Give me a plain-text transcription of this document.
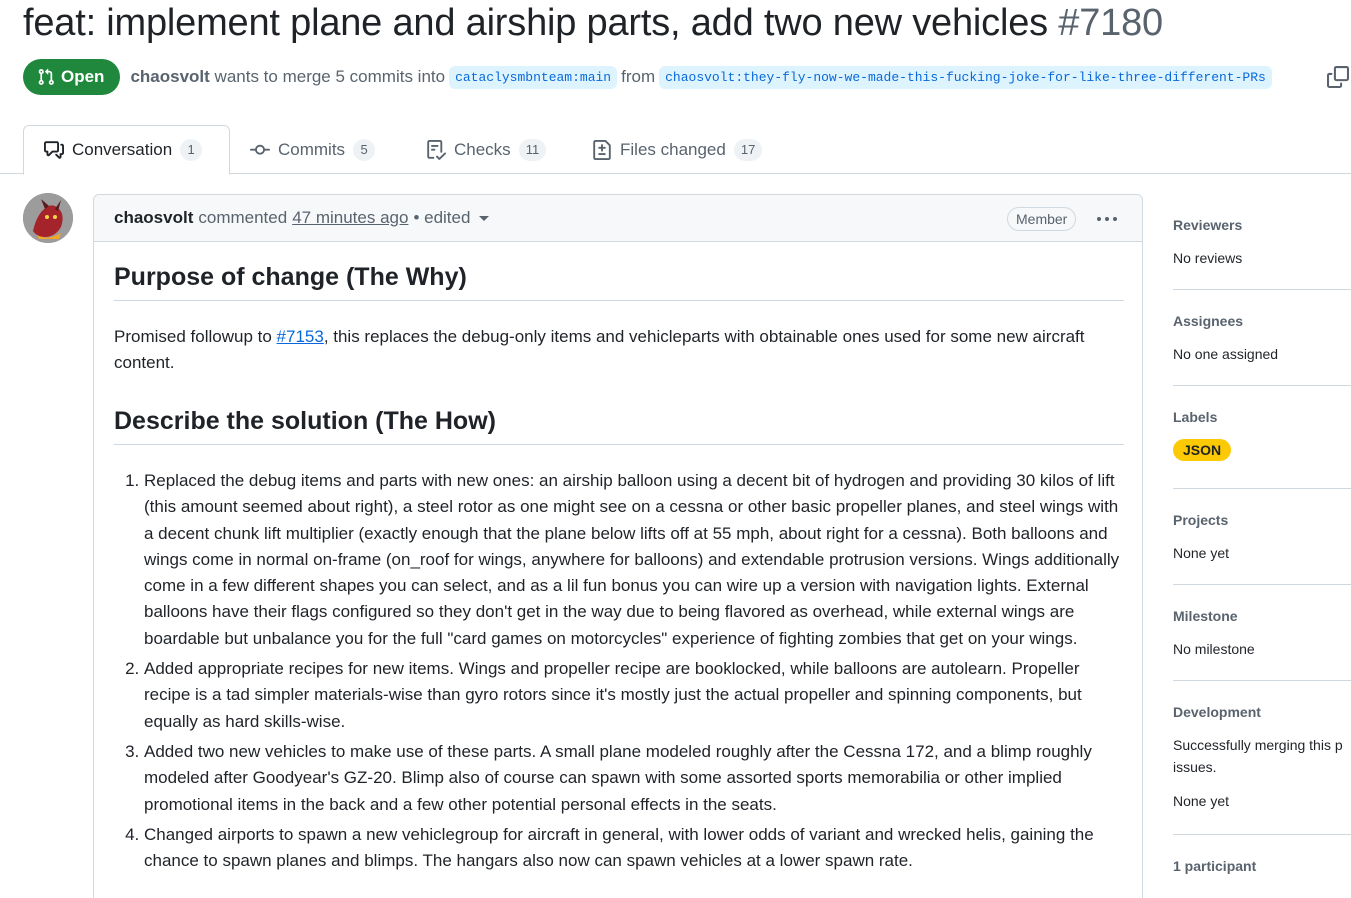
feat: implement plane and airship parts, add two new vehicles #7180
Open chaosvolt wants to merge 5 commits into cataclysmbnteam:main from chaosvolt:they-fly-now-we-made-this-fucking-joke-for-like-three-different-PRs
Conversation	1	Commits	5	Checks	11	Files changed	17
chaosvolt commented 47 minutes ago • edited	Member
Purpose of change (The Why)

Promised followup to #7153, this replaces the debug-only items and vehicleparts with obtainable ones used for some new aircraft content.

Describe the solution (The How)
1. Replaced the debug items and parts with new ones: an airship balloon using a decent bit of hydrogen and providing 30 kilos of lift (this amount seemed about right), a steel rotor as one might see on a cessna or other basic propeller planes, and steel wings with a decent chunk lift multiplier (exactly enough that the plane below lifts off at 55 mph, about right for a cessna). Both balloons and wings come in normal on-frame (on_roof for wings, anywhere for balloons) and extendable protrusion versions. Wings additionally come in a few different shapes you can select, and as a lil fun bonus you can wire up a version with navigation lights. External balloons have their flags configured so they don't get in the way due to being flavored as overhead, while external wings are boardable but unbalance you for the full "card games on motorcycles" experience of fighting zombies that get on your wings.
2. Added appropriate recipes for new items. Wings and propeller recipe are booklocked, while balloons are autolearn. Propeller recipe is a tad simpler materials-wise than gyro rotors since it's mostly just the actual propeller and spinning components, but equally as hard skills-wise.
3. Added two new vehicles to make use of these parts. A small plane modeled roughly after the Cessna 172, and a blimp roughly modeled after Goodyear's GZ-20. Blimp also of course can spawn with some assorted sports memorabilia or other implied promotional items in the back and a few other potential personal effects in the seats.
4. Changed airports to spawn a new vehiclegroup for aircraft in general, with lower odds of variant and wrecked helis, gaining the chance to spawn planes and blimps. The hangars also now can spawn vehicles at a lower spawn rate.
Reviewers
No reviews
Assignees
No one assigned
Labels
JSON
Projects
None yet
Milestone
No milestone
Development
Successfully merging this p
issues.
None yet
1 participant
